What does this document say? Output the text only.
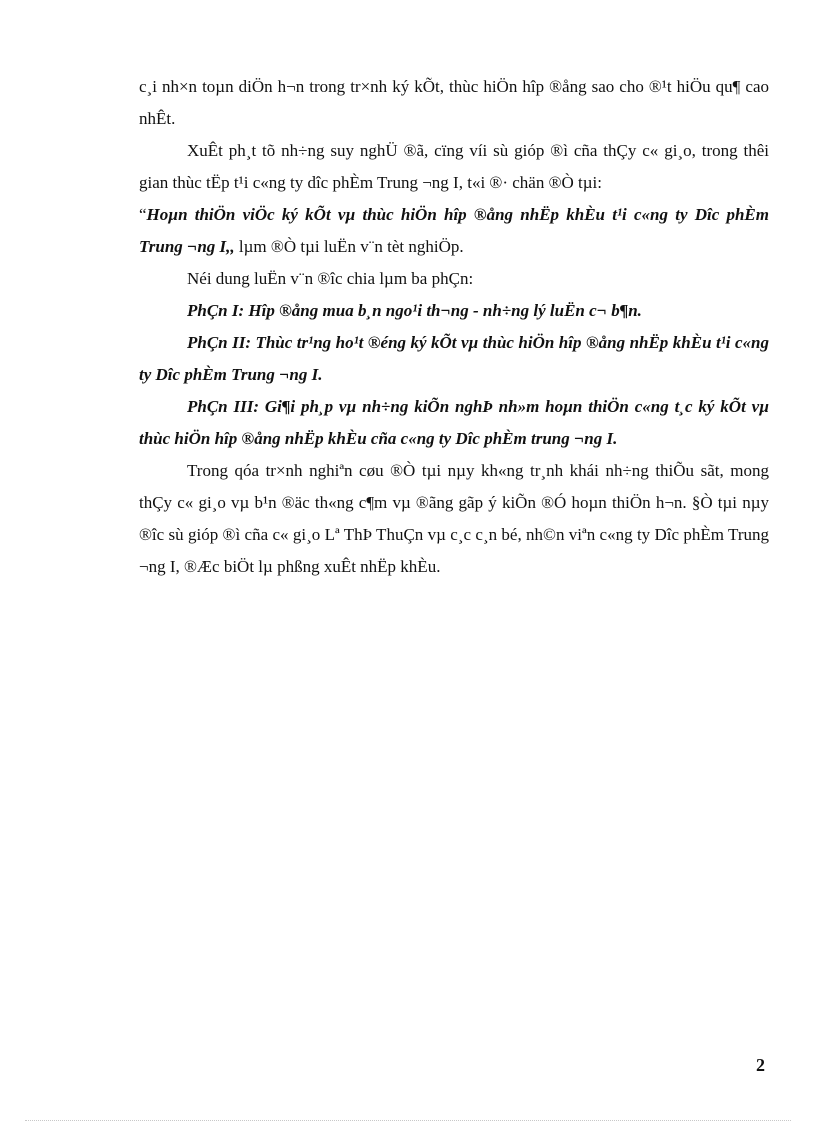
c¸i nh×n toµn diÖn h¬n trong tr×nh ký kÕt, thùc hiÖn hîp ®ång sao cho ®¹t hiÖu qu¶ cao nhÊt.

XuÊt ph¸t tõ nh÷ng suy nghÜ ®ã, cïng víi sù gióp ®ì cña thÇy c« gi¸o, trong thêi gian thùc tËp t¹i c«ng ty dîc phÈm Trung ¬ng I, t«i ®· chän ®Ò tµi:

“Hoµn thiÖn viÖc ký kÕt vµ thùc hiÖn hîp ®ång nhËp khÈu t¹i c«ng ty Dîc phÈm Trung ¬ng I,, lµm ®Ò tµi luËn v¨n tèt nghiÖp.

Néi dung luËn v¨n ®îc chia lµm ba phÇn:

PhÇn I: Hîp ®ång mua b¸n ngo¹i th¬ng - nh÷ng lý luËn c¬ b¶n.

PhÇn II: Thùc tr¹ng ho¹t ®éng ký kÕt vµ thùc hiÖn hîp ®ång nhËp khÈu t¹i c«ng ty Dîc phÈm Trung ¬ng I.

PhÇn III: Gi¶i ph¸p vµ nh÷ng kiÕn nghÞ nh»m hoµn thiÖn c«ng t¸c ký kÕt vµ thùc hiÖn hîp ®ång nhËp khÈu cña c«ng ty Dîc phÈm trung ¬ng I.

Trong qóa tr×nh nghiªn cøu ®Ò tµi nµy kh«ng tr¸nh khái nh÷ng thiÕu sãt, mong thÇy c« gi¸o vµ b¹n ®äc th«ng c¶m vµ ®ãng gãp ý kiÕn ®Ó hoµn thiÖn h¬n. §Ò tµi nµy ®îc sù gióp ®ì cña c« gi¸o Lª ThÞ ThuÇn vµ c¸c c¸n bé, nh©n viªn c«ng ty Dîc phÈm Trung ¬ng I, ®Æc biÖt lµ phßng xuÊt nhËp khÈu.

2
